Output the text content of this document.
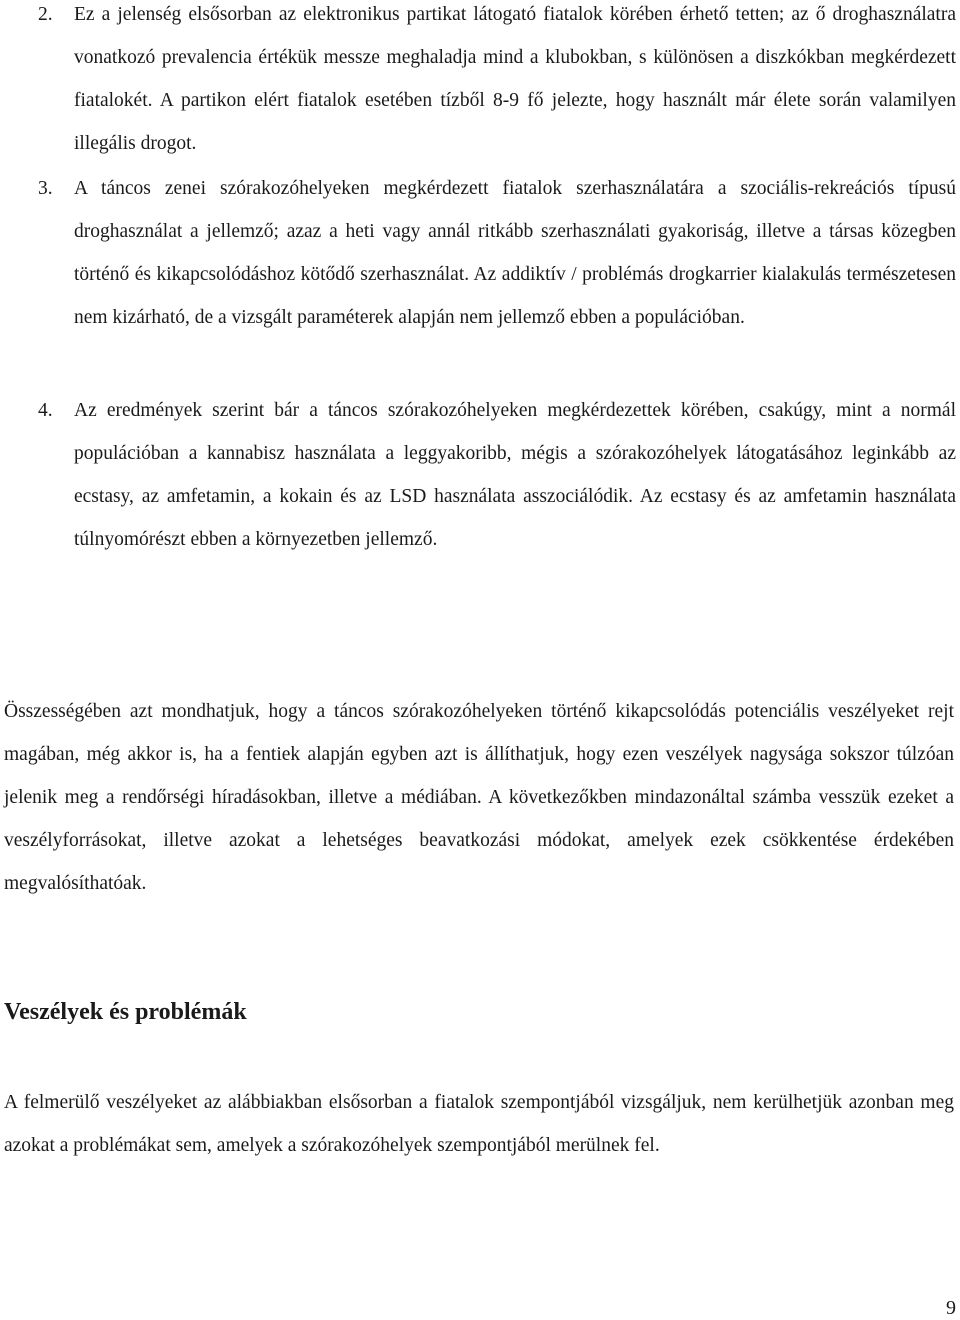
2. Ez a jelenség elsősorban az elektronikus partikat látogató fiatalok körében érhető tetten; az ő droghasználatra vonatkozó prevalencia értékük messze meghaladja mind a klubokban, s különösen a diszkókban megkérdezett fiatalokét. A partikon elért fiatalok esetében tízből 8-9 fő jelezte, hogy használt már élete során valamilyen illegális drogot.
3. A táncos zenei szórakozóhelyeken megkérdezett fiatalok szerhasználatára a szociális-rekreációs típusú droghasználat a jellemző; azaz a heti vagy annál ritkább szerhasználati gyakoriság, illetve a társas közegben történő és kikapcsolódáshoz kötődő szerhasználat. Az addiktív / problémás drogkarrier kialakulás természetesen nem kizárható, de a vizsgált paraméterek alapján nem jellemző ebben a populációban.
4. Az eredmények szerint bár a táncos szórakozóhelyeken megkérdezettek körében, csakúgy, mint a normál populációban a kannabisz használata a leggyakoribb, mégis a szórakozóhelyek látogatásához leginkább az ecstasy, az amfetamin, a kokain és az LSD használata asszociálódik. Az ecstasy és az amfetamin használata túlnyomórészt ebben a környezetben jellemző.
Összességében azt mondhatjuk, hogy a táncos szórakozóhelyeken történő kikapcsolódás potenciális veszélyeket rejt magában, még akkor is, ha a fentiek alapján egyben azt is állíthatjuk, hogy ezen veszélyek nagysága sokszor túlzóan jelenik meg a rendőrségi híradásokban, illetve a médiában. A következőkben mindazonáltal számba vesszük ezeket a veszélyforrásokat, illetve azokat a lehetséges beavatkozási módokat, amelyek ezek csökkentése érdekében megvalósíthatóak.
Veszélyek és problémák
A felmerülő veszélyeket az alábbiakban elsősorban a fiatalok szempontjából vizsgáljuk, nem kerülhetjük azonban meg azokat a problémákat sem, amelyek a szórakozóhelyek szempontjából merülnek fel.
9
